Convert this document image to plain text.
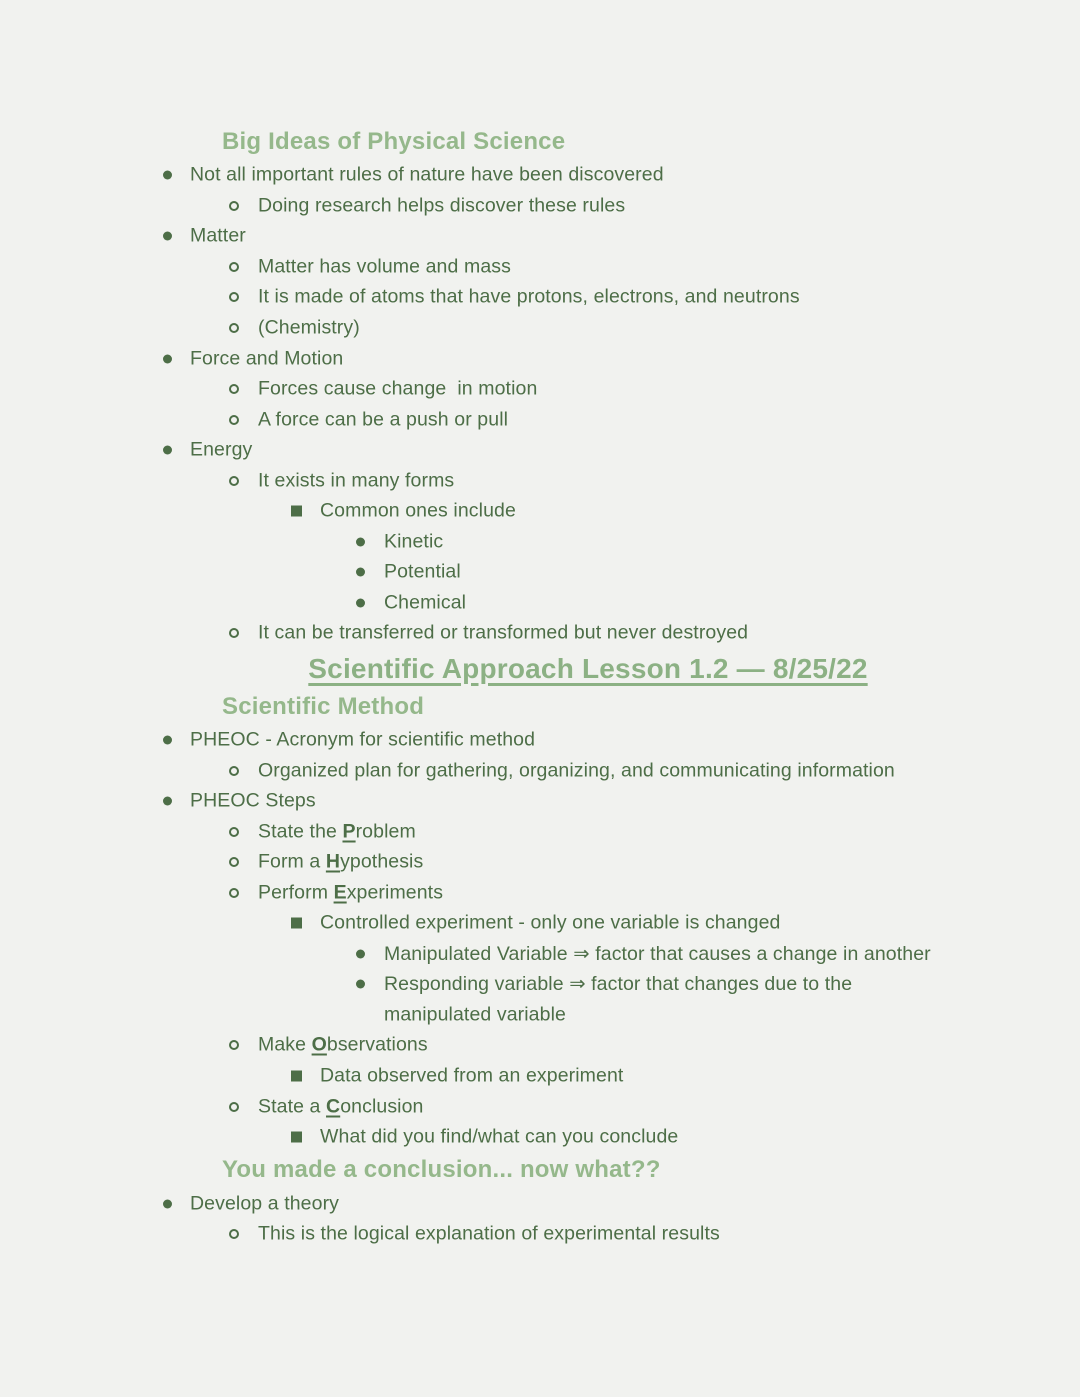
Big Ideas of Physical Science
Not all important rules of nature have been discovered
Doing research helps discover these rules
Matter
Matter has volume and mass
It is made of atoms that have protons, electrons, and neutrons
(Chemistry)
Force and Motion
Forces cause change  in motion
A force can be a push or pull
Energy
It exists in many forms
Common ones include
Kinetic
Potential
Chemical
It can be transferred or transformed but never destroyed
Scientific Approach Lesson 1.2 — 8/25/22
Scientific Method
PHEOC - Acronym for scientific method
Organized plan for gathering, organizing, and communicating information
PHEOC Steps
State the Problem
Form a Hypothesis
Perform Experiments
Controlled experiment - only one variable is changed
Manipulated Variable ⇒ factor that causes a change in another
Responding variable ⇒ factor that changes due to the
manipulated variable
Make Observations
Data observed from an experiment
State a Conclusion
What did you find/what can you conclude
You made a conclusion... now what??
Develop a theory
This is the logical explanation of experimental results
